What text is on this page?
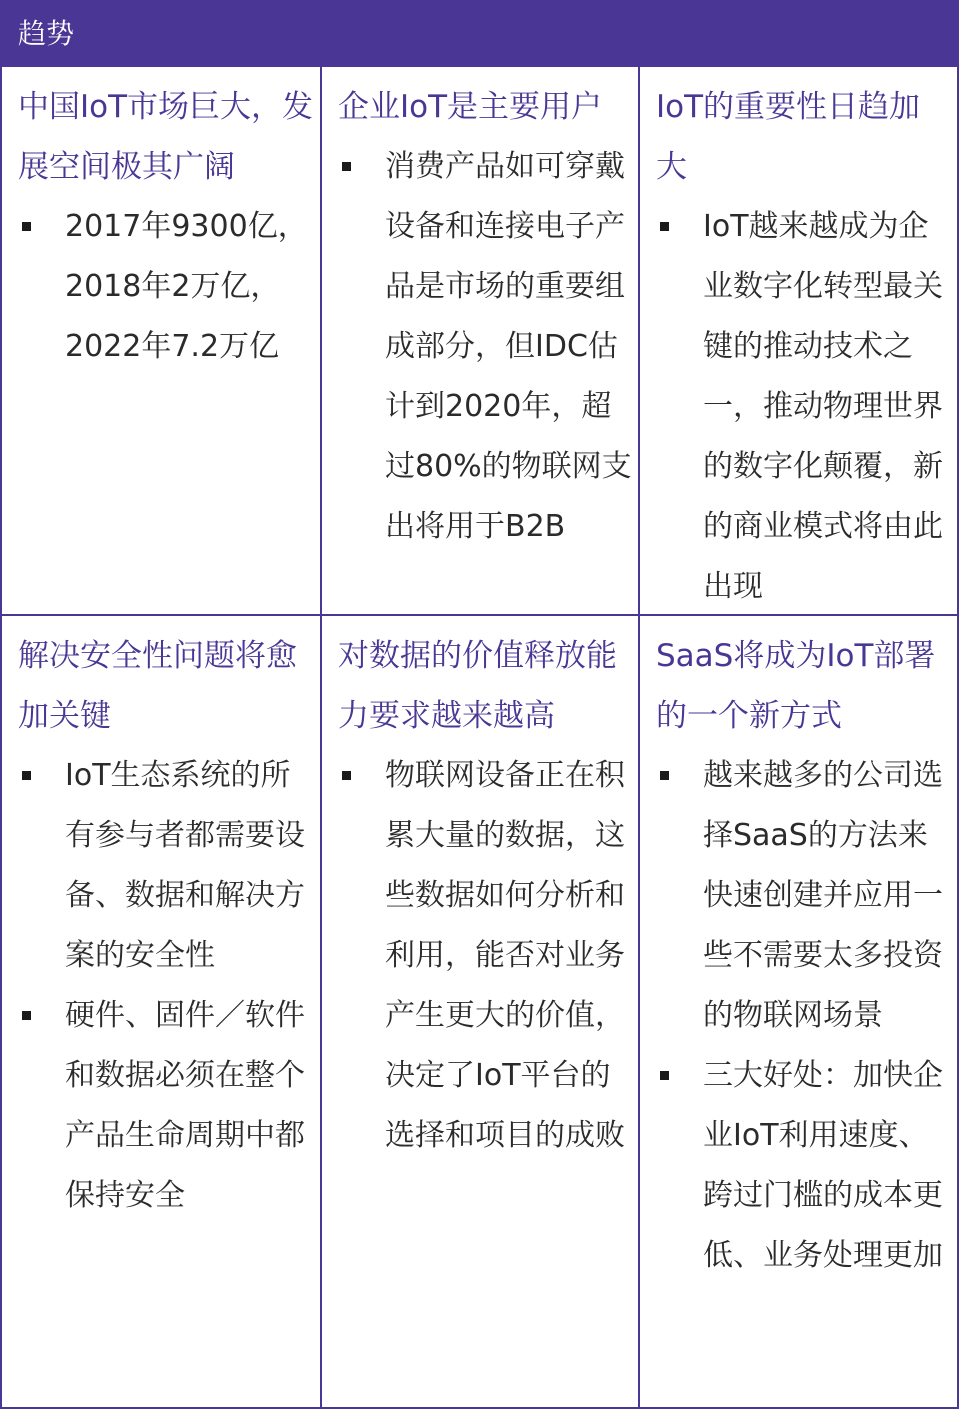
趋势
中国IoT市场巨大，发展空间极其广阔
2017年9300亿，2018年2万亿，2022年7.2万亿
企业IoT是主要用户
消费产品如可穿戴设备和连接电子产品是市场的重要组成部分，但IDC估计到2020年，超过80%的物联网支出将用于B2B
IoT的重要性日趋加大
IoT越来越成为企业数字化转型最关键的推动技术之一，推动物理世界的数字化颠覆，新的商业模式将由此出现
解决安全性问题将愈加关键
IoT生态系统的所有参与者都需要设备、数据和解决方案的安全性
硬件、固件／软件和数据必须在整个产品生命周期中都保持安全
对数据的价值释放能力要求越来越高
物联网设备正在积累大量的数据，这些数据如何分析和利用，能否对业务产生更大的价值，决定了IoT平台的选择和项目的成败
SaaS将成为IoT部署的一个新方式
越来越多的公司选择SaaS的方法来快速创建并应用一些不需要太多投资的物联网场景
三大好处：加快企业IoT利用速度、跨过门槛的成本更低、业务处理更加
